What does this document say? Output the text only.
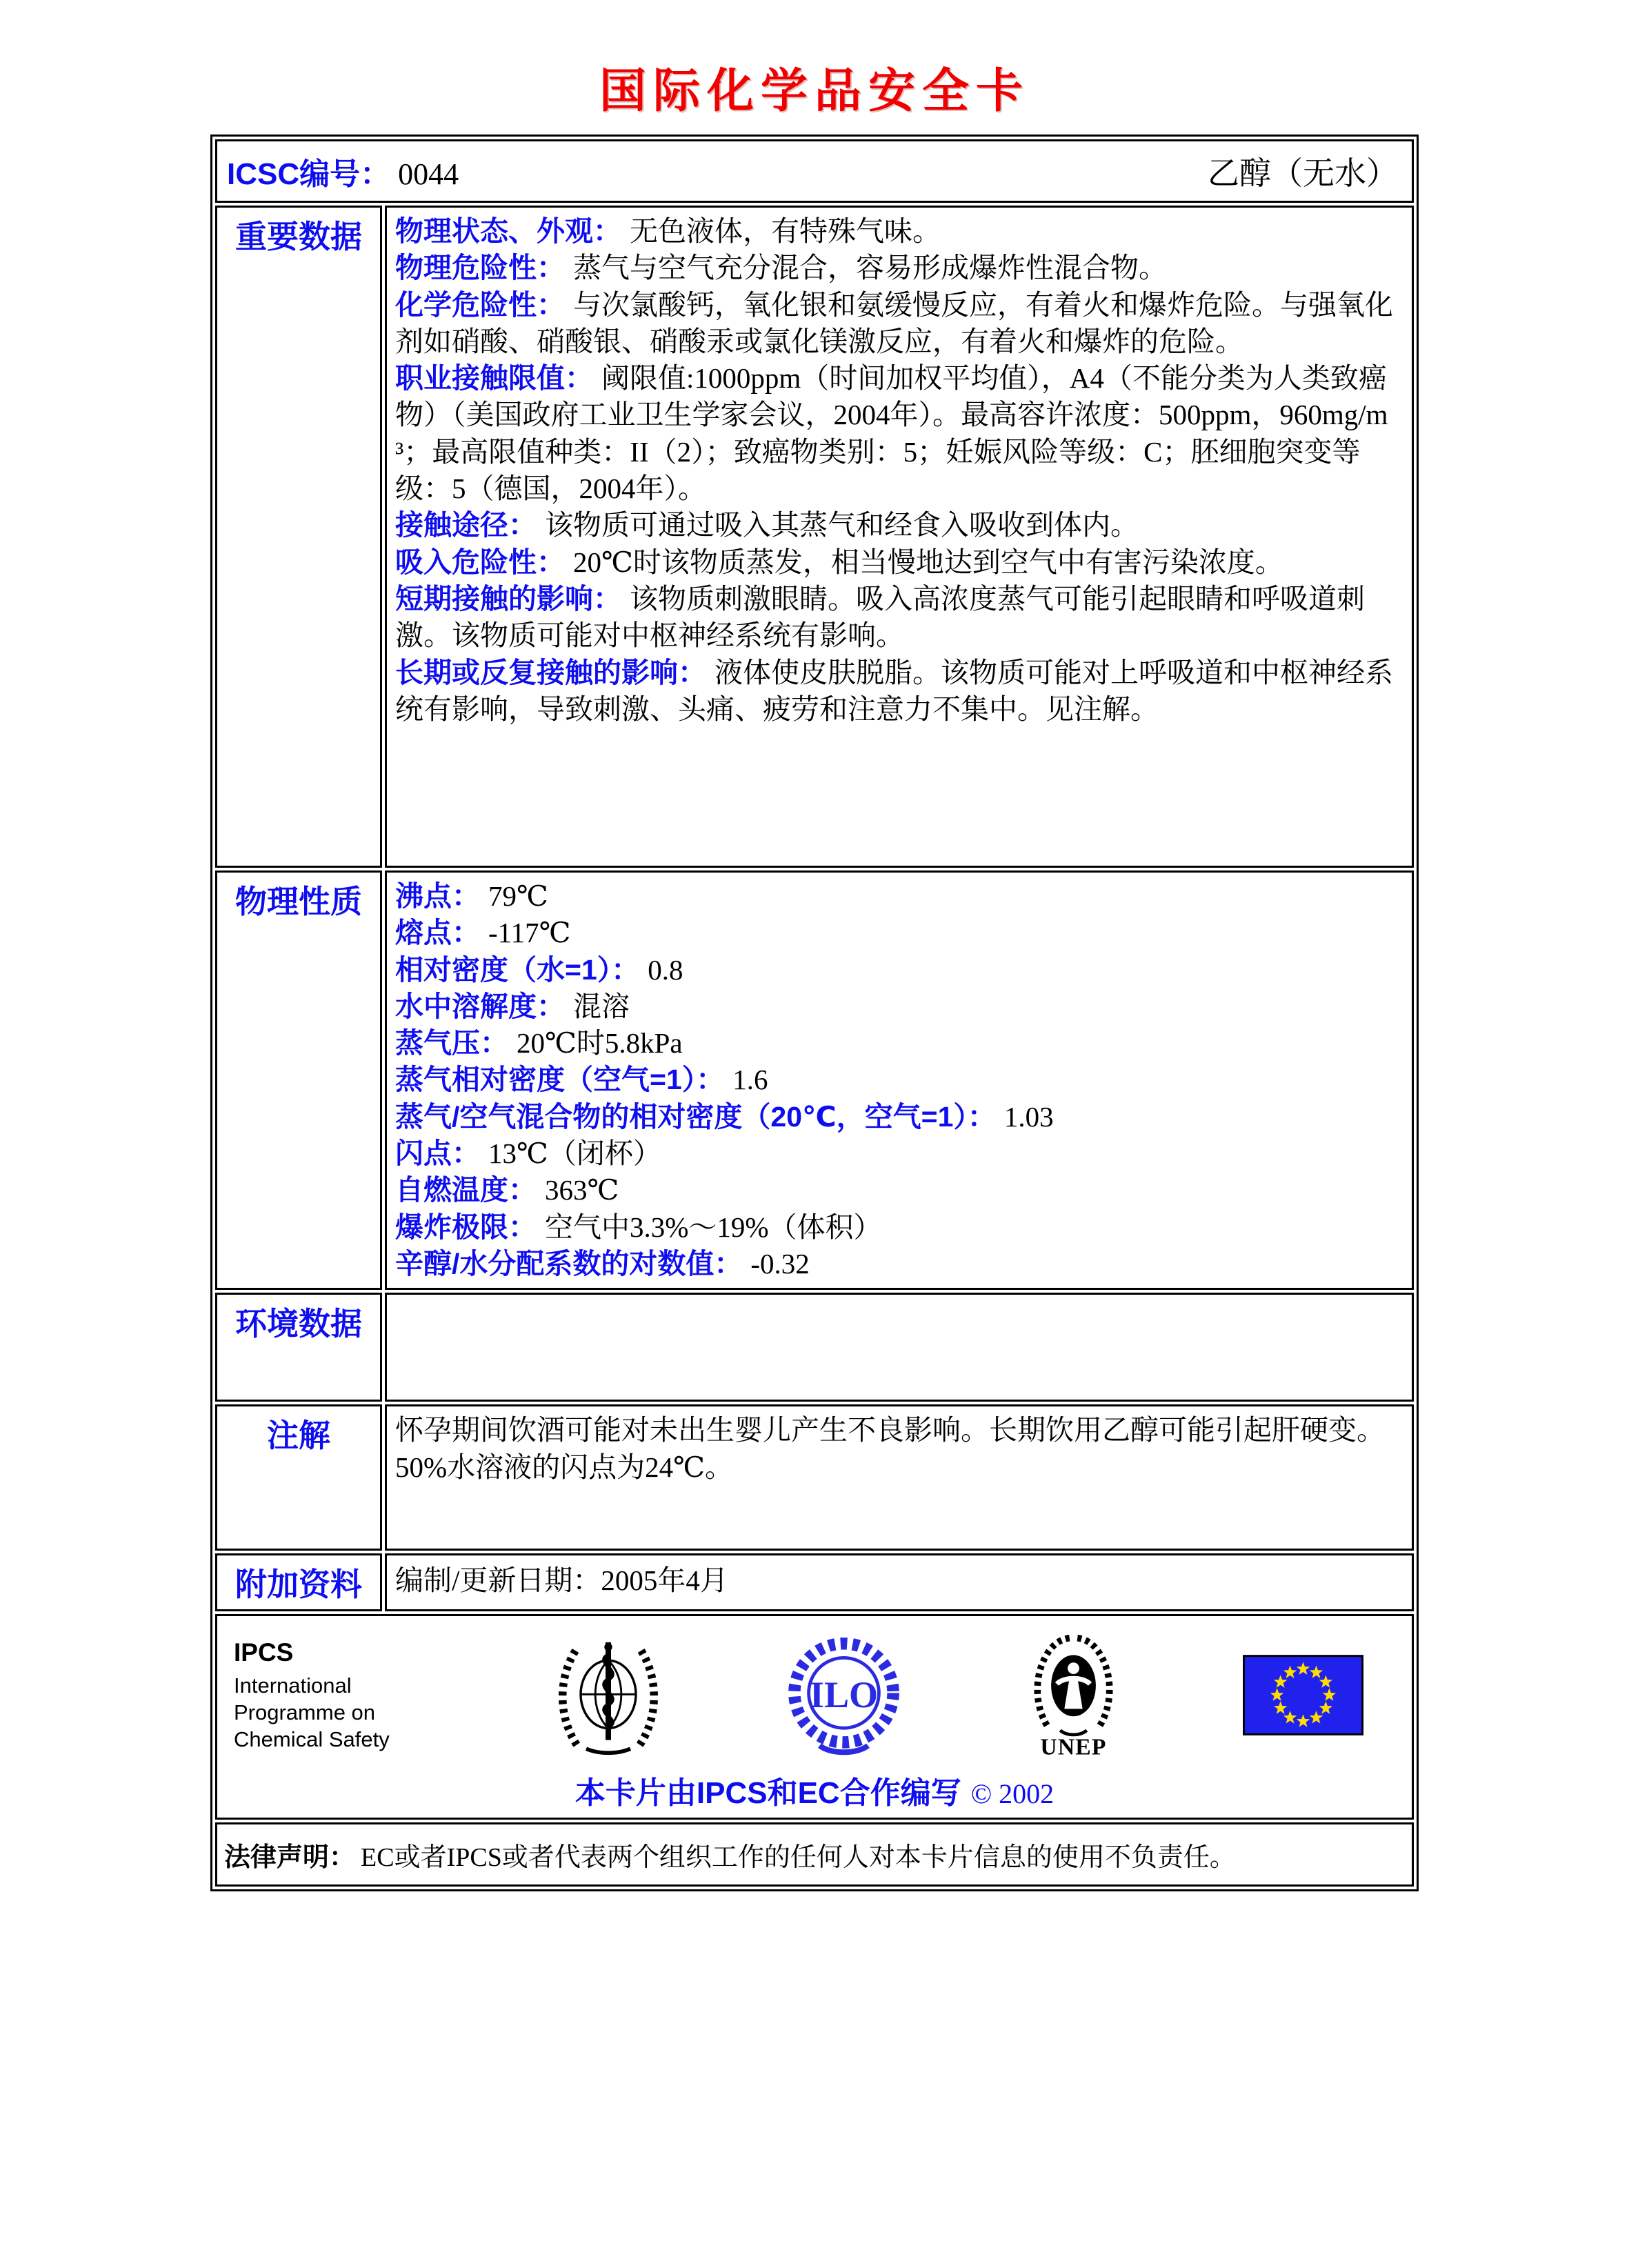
国际化学品安全卡
ICSC编号： 0044 乙醇（无水）	

重要数据	物理状态、外观： 无色液体，有特殊气味。
物理危险性： 蒸气与空气充分混合，容易形成爆炸性混合物。
化学危险性： 与次氯酸钙，氧化银和氨缓慢反应，有着火和爆炸危险。与强氧化剂如硝酸、硝酸银、硝酸汞或氯化镁激反应，有着火和爆炸的危险。
职业接触限值： 阈限值:1000ppm（时间加权平均值），A4（不能分类为人类致癌物）（美国政府工业卫生学家会议，2004年）。最高容许浓度：500ppm，960mg/m³；最高限值种类：II（2）；致癌物类别：5；妊娠风险等级：C；胚细胞突变等级：5（德国，2004年）。
接触途径： 该物质可通过吸入其蒸气和经食入吸收到体内。
吸入危险性： 20℃时该物质蒸发，相当慢地达到空气中有害污染浓度。
短期接触的影响： 该物质刺激眼睛。吸入高浓度蒸气可能引起眼睛和呼吸道刺激。该物质可能对中枢神经系统有影响。
长期或反复接触的影响： 液体使皮肤脱脂。该物质可能对上呼吸道和中枢神经系统有影响，导致刺激、头痛、疲劳和注意力不集中。见注解。

物理性质	沸点： 79℃
熔点： -117℃
相对密度（水=1）： 0.8
水中溶解度： 混溶
蒸气压： 20℃时5.8kPa
蒸气相对密度（空气=1）： 1.6
蒸气/空气混合物的相对密度（20℃，空气=1）： 1.03
闪点： 13℃（闭杯）
自燃温度： 363℃
爆炸极限： 空气中3.3%～19%（体积）
辛醇/水分配系数的对数值： -0.32

环境数据	
注解	怀孕期间饮酒可能对未出生婴儿产生不良影响。长期饮用乙醇可能引起肝硬变。 50%水溶液的闪点为24℃。
附加资料	编制/更新日期：2005年4月

IPCS
International
Programme on
Chemical Safety
ILO
UNEP
本卡片由IPCS和EC合作编写 © 2002

法律声明： EC或者IPCS或者代表两个组织工作的任何人对本卡片信息的使用不负责任。	
